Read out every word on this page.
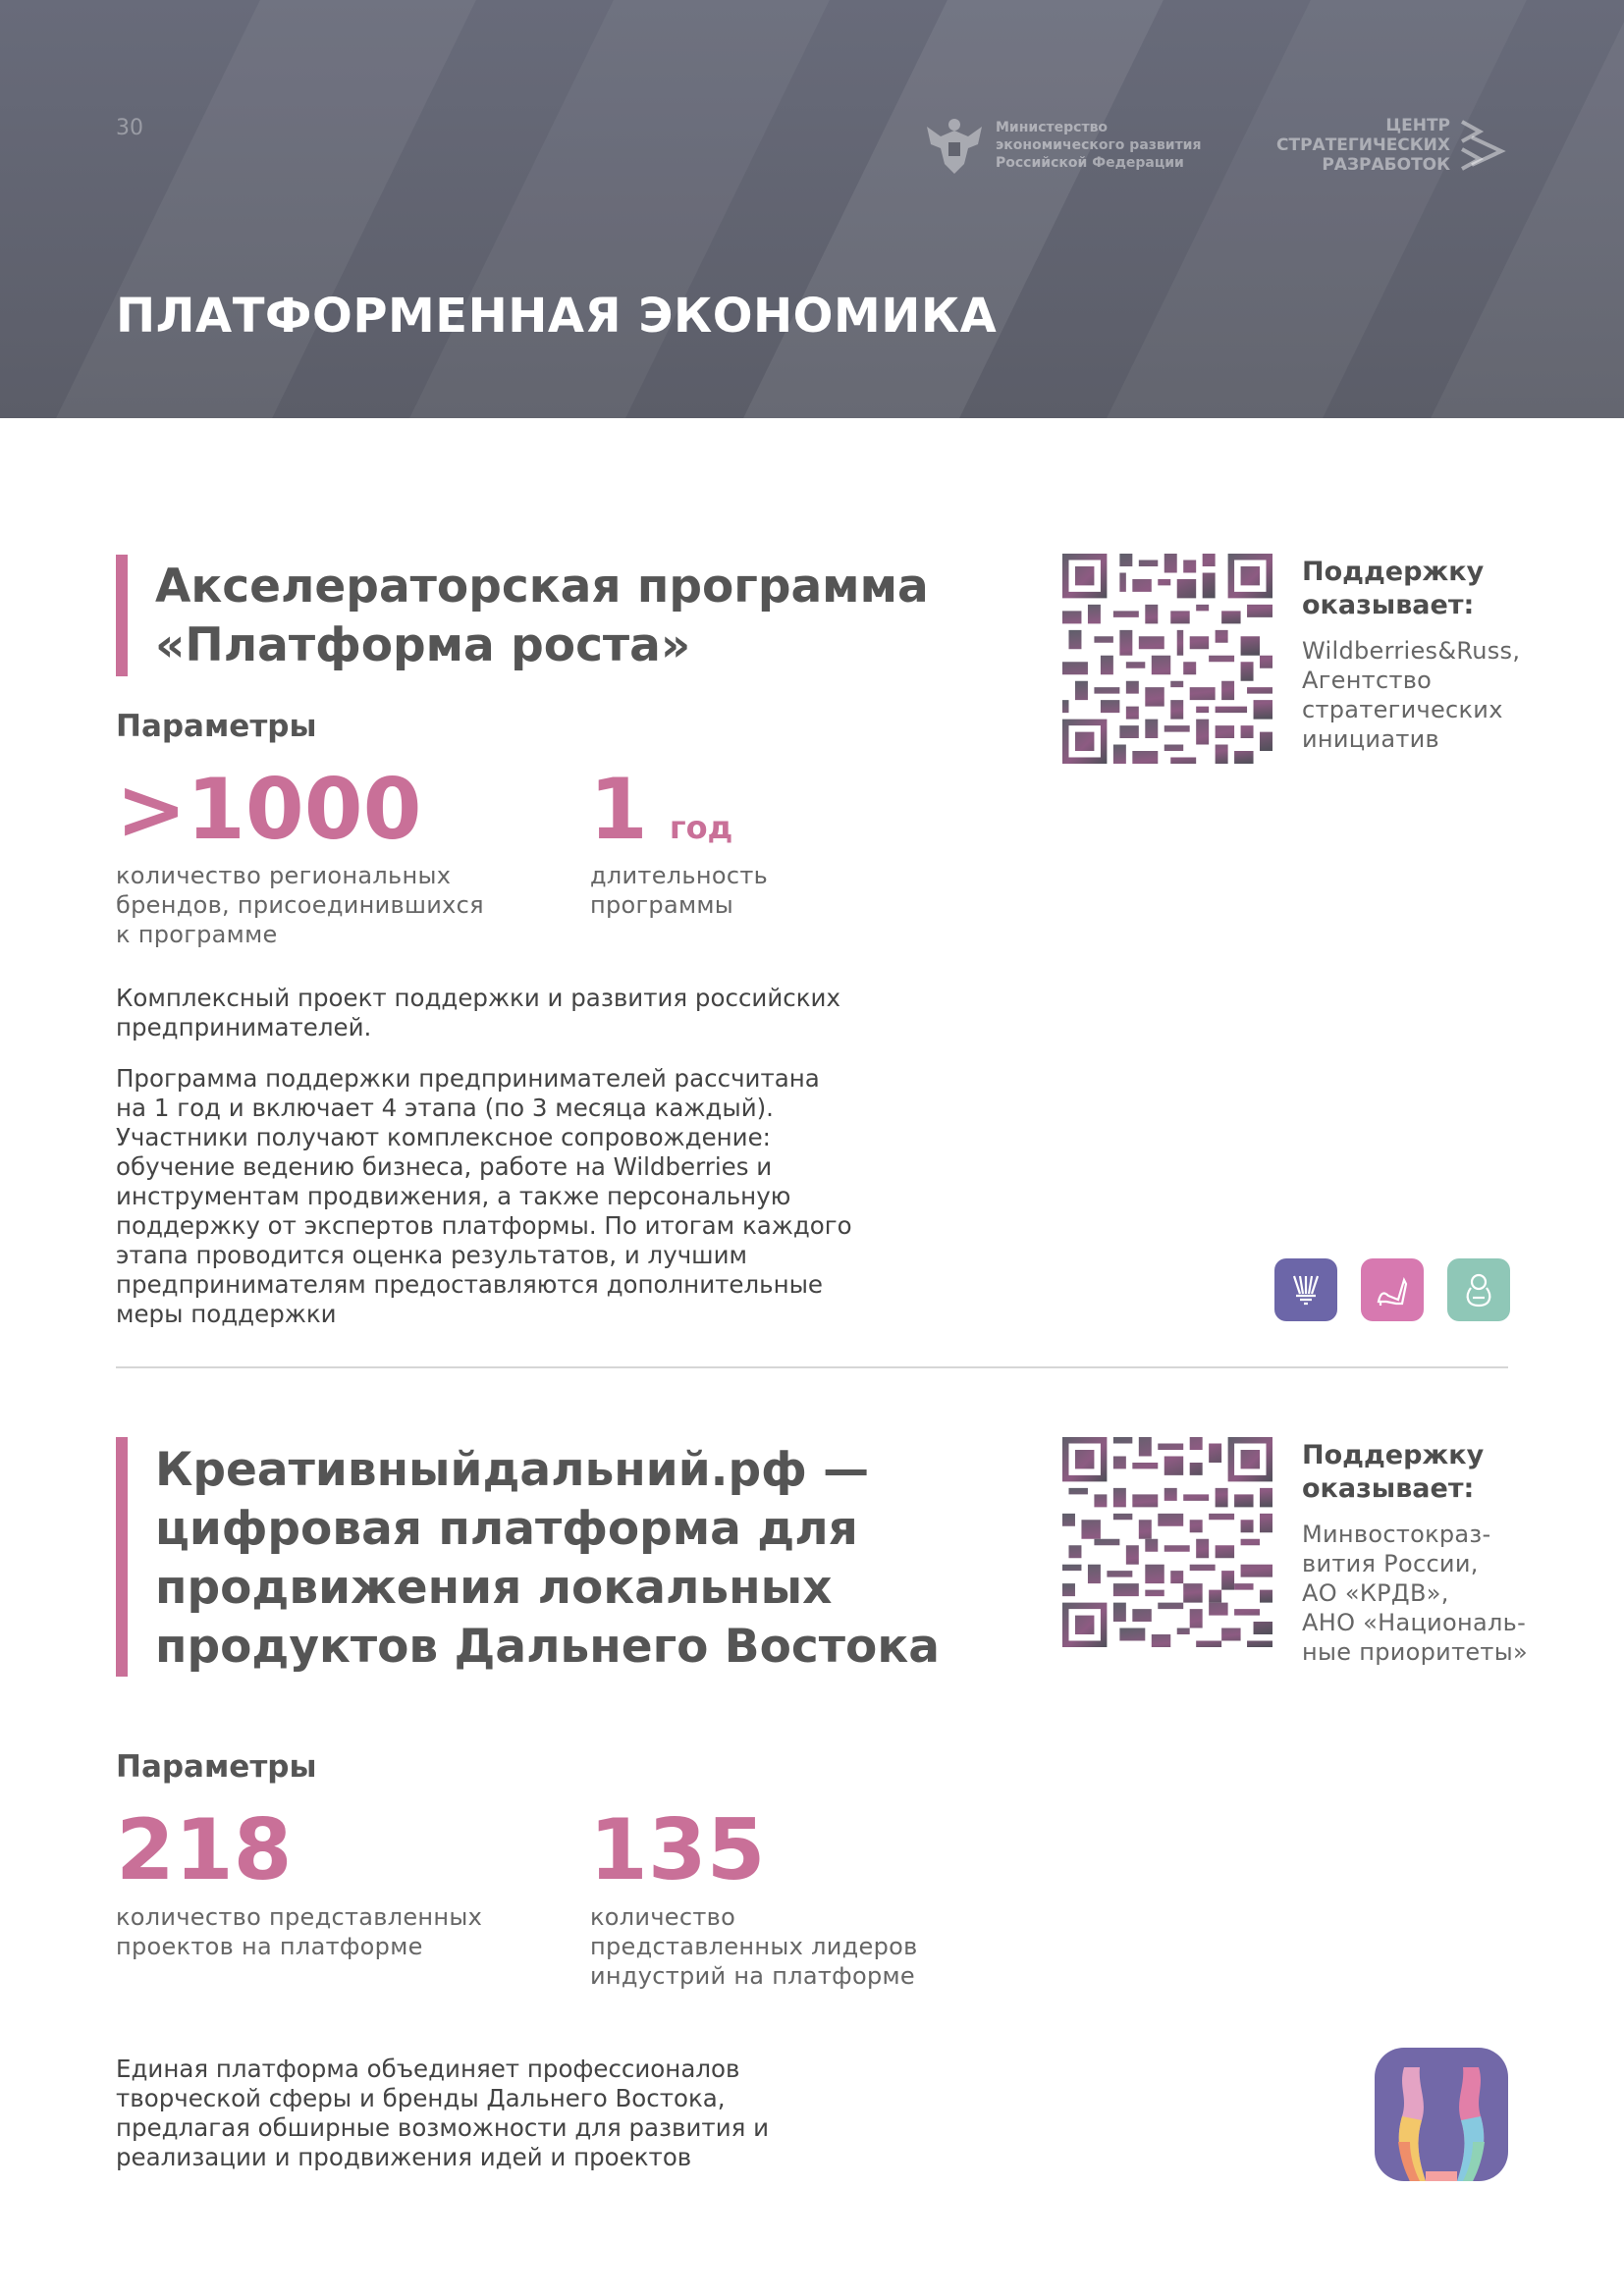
30	Министерство
экономического развития
Российской Федерации
ЦЕНТР
СТРАТЕГИЧЕСКИХ
РАЗРАБОТОК
ПЛАТФОРМЕННАЯ ЭКОНОМИКА
Акселераторская программа
«Платформа роста»
Параметры
>1000
количество региональных
брендов, присоединившихся
к программе
1 год
длительность
программы
Комплексный проект поддержки и развития российских
предпринимателей.
Программа поддержки предпринимателей рассчитана
на 1 год и включает 4 этапа (по 3 месяца каждый).
Участники получают комплексное сопровождение:
обучение ведению бизнеса, работе на Wildberries и
инструментам продвижения, а также персональную
поддержку от экспертов платформы. По итогам каждого
этапа проводится оценка результатов, и лучшим
предпринимателям предоставляются дополнительные
меры поддержки
Поддержку
оказывает:
Wildberries&Russ,
Агентство
стратегических
инициатив
Креативныйдальний.рф —
цифровая платформа для
продвижения локальных
продуктов Дальнего Востока
Параметры
218
количество представленных
проектов на платформе
135
количество
представленных лидеров
индустрий на платформе
Единая платформа объединяет профессионалов
творческой сферы и бренды Дальнего Востока,
предлагая обширные возможности для развития и
реализации и продвижения идей и проектов
Поддержку
оказывает:
Минвостокраз-
вития России,
АО «КРДВ»,
АНО «Националь-
ные приоритеты»
